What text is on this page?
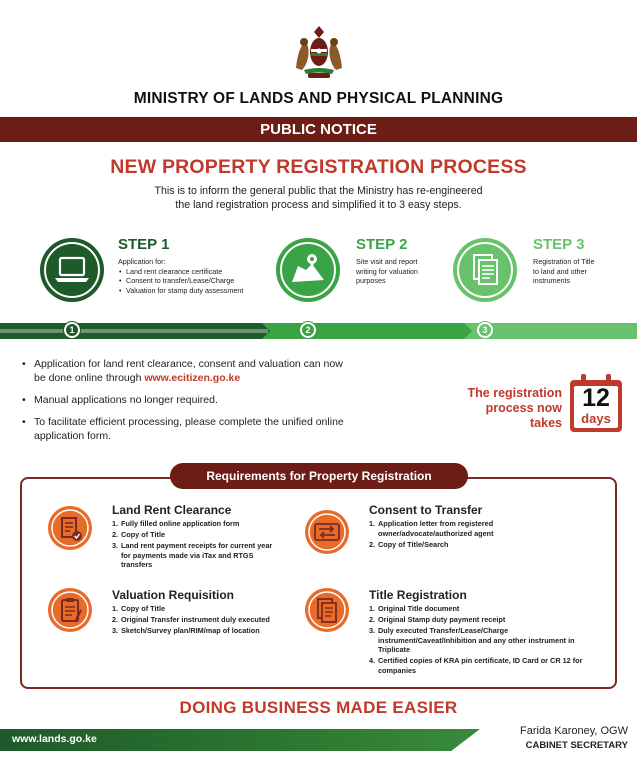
MINISTRY OF LANDS AND PHYSICAL PLANNING
PUBLIC NOTICE
NEW PROPERTY REGISTRATION PROCESS
This is to inform the general public that the Ministry has re-engineered
the land registration process and simplified it to 3 easy steps.
STEP 1
Application for:
• Land rent clearance certificate
• Consent to transfer/Lease/Charge
• Valuation for stamp duty assessment
1
STEP 2
Site visit and report
writing for valuation
purposes
2
STEP 3
Registration of Title
to land and other
instruments
3
• Application for land rent clearance, consent and valuation can now
be done online through www.ecitizen.go.ke
• Manual applications no longer required.
• To facilitate efficient processing, please complete the unified online
application form.
The registration
process now
takes
12
days
Requirements for Property Registration
Land Rent Clearance
1. Fully filled online application form
2. Copy of Title
3. Land rent payment receipts for current year for payments made via iTax and RTGS transfers
Consent to Transfer
1. Application letter from registered owner/advocate/authorized agent
2. Copy of Title/Search
Valuation Requisition
1. Copy of Title
2. Original Transfer instrument duly executed
3. Sketch/Survey plan/RIM/map of location
Title Registration
1. Original Title document
2. Original Stamp duty payment receipt
3. Duly executed Transfer/Lease/Charge instrument/Caveat/Inhibition and any other instrument in Triplicate
4. Certified copies of KRA pin certificate, ID Card or CR 12 for companies
DOING BUSINESS MADE EASIER
www.lands.go.ke
Farida Karoney, OGW
CABINET SECRETARY
